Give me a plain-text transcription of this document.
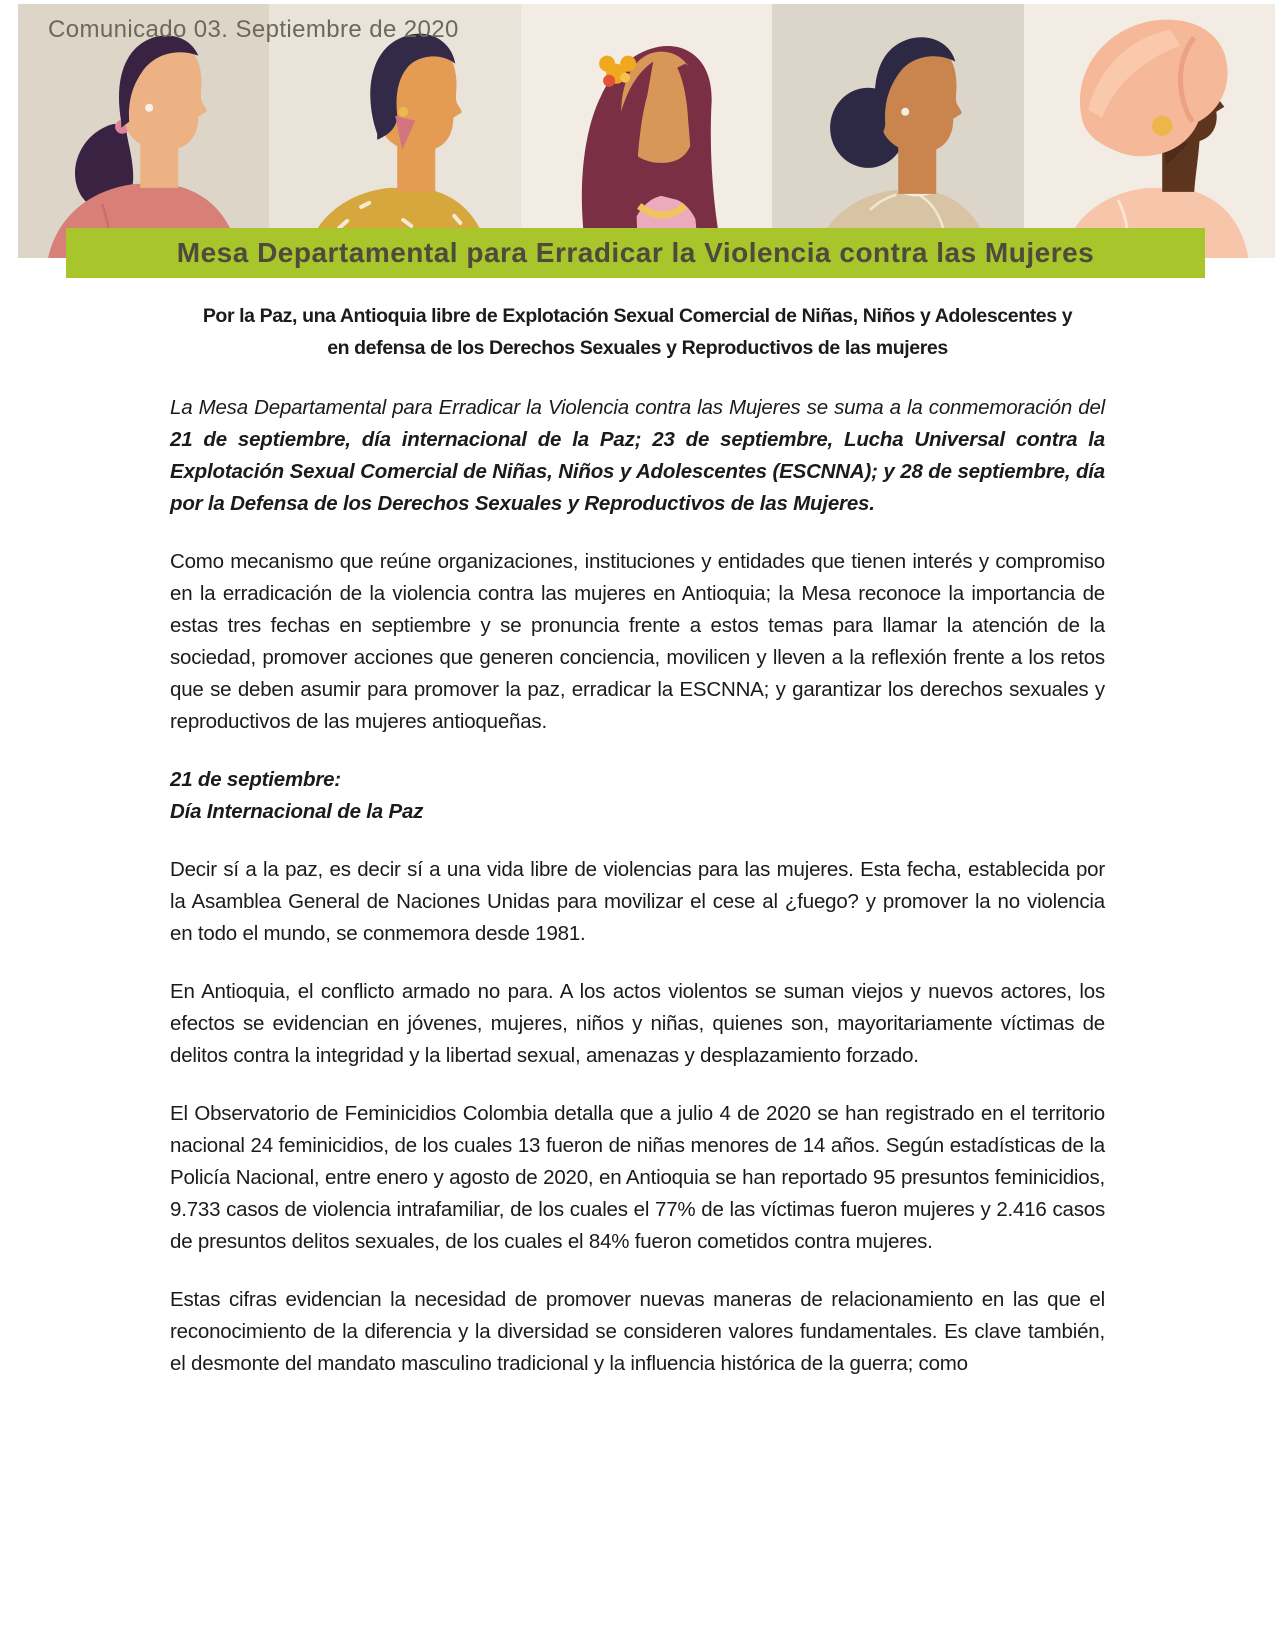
Comunicado 03. Septiembre de 2020
Mesa Departamental para Erradicar la Violencia contra las Mujeres
Por la Paz, una Antioquia libre de Explotación Sexual Comercial de Niñas, Niños y Adolescentes y
en defensa de los Derechos Sexuales y Reproductivos de las mujeres

La Mesa Departamental para Erradicar la Violencia contra las Mujeres se suma a la conmemoración del 21 de septiembre, día internacional de la Paz; 23 de septiembre, Lucha Universal contra la Explotación Sexual Comercial de Niñas, Niños y Adolescentes (ESCNNA); y 28 de septiembre, día por la Defensa de los Derechos Sexuales y Reproductivos de las Mujeres.

Como mecanismo que reúne organizaciones, instituciones y entidades que tienen interés y compromiso en la erradicación de la violencia contra las mujeres en Antioquia; la Mesa reconoce la importancia de estas tres fechas en septiembre y se pronuncia frente a estos temas para llamar la atención de la sociedad, promover acciones que generen conciencia, movilicen y lleven a la reflexión frente a los retos que se deben asumir para promover la paz, erradicar la ESCNNA; y garantizar los derechos sexuales y reproductivos de las mujeres antioqueñas.

21 de septiembre:
Día Internacional de la Paz

Decir sí a la paz, es decir sí a una vida libre de violencias para las mujeres. Esta fecha, establecida por la Asamblea General de Naciones Unidas para movilizar el cese al ¿fuego? y promover la no violencia en todo el mundo, se conmemora desde 1981.

En Antioquia, el conflicto armado no para. A los actos violentos se suman viejos y nuevos actores, los efectos se evidencian en jóvenes, mujeres, niños y niñas, quienes son, mayoritariamente víctimas de delitos contra la integridad y la libertad sexual, amenazas y desplazamiento forzado.

El Observatorio de Feminicidios Colombia detalla que a julio 4 de 2020 se han registrado en el territorio nacional 24 feminicidios, de los cuales 13 fueron de niñas menores de 14 años. Según estadísticas de la Policía Nacional, entre enero y agosto de 2020, en Antioquia se han reportado 95 presuntos feminicidios, 9.733 casos de violencia intrafamiliar, de los cuales el 77% de las víctimas fueron mujeres y 2.416 casos de presuntos delitos sexuales, de los cuales el 84% fueron cometidos contra mujeres.

Estas cifras evidencian la necesidad de promover nuevas maneras de relacionamiento en las que el reconocimiento de la diferencia y la diversidad se consideren valores fundamentales. Es clave también, el desmonte del mandato masculino tradicional y la influencia histórica de la guerra; como
